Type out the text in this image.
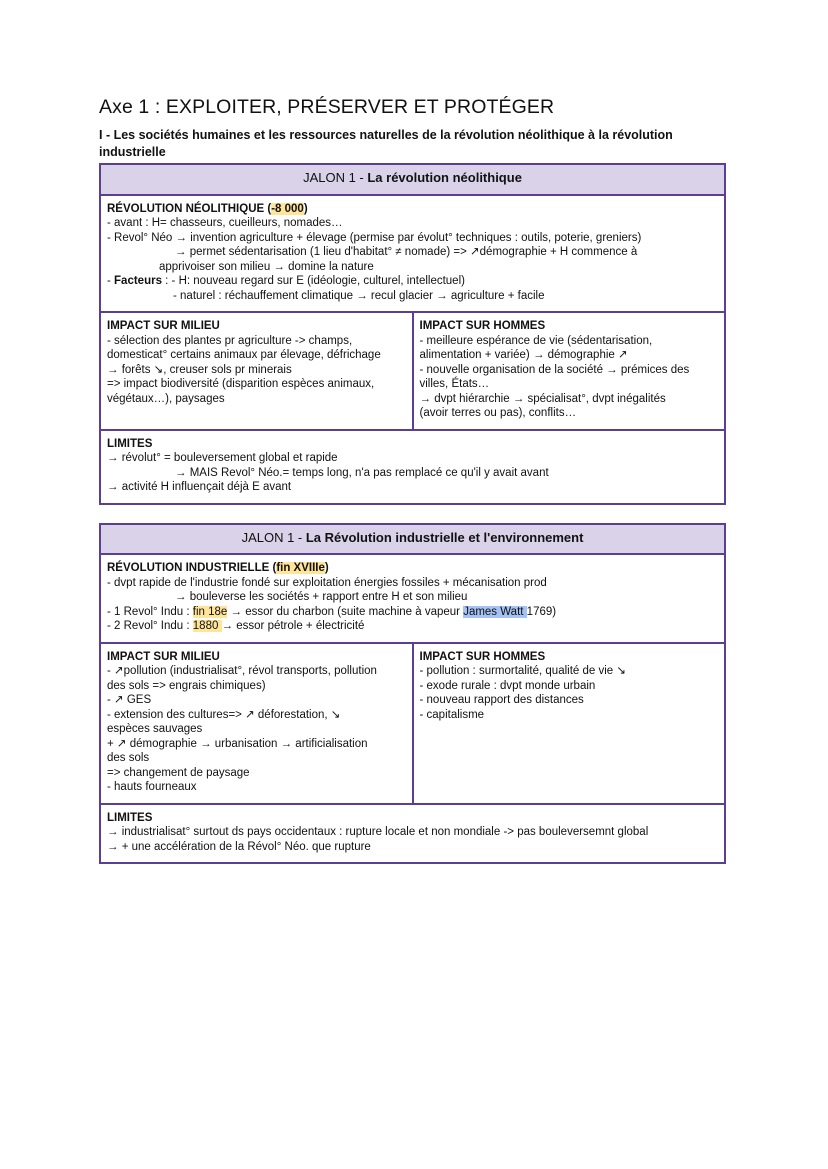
Axe 1 : EXPLOITER, PRÉSERVER ET PROTÉGER
I - Les sociétés humaines et les ressources naturelles de la révolution néolithique à la révolution industrielle
JALON 1 - La révolution néolithique

RÉVOLUTION NÉOLITHIQUE (-8 000)
- avant : H= chasseurs, cueilleurs, nomades…
- Revol° Néo → invention agriculture + élevage (permise par évolut° techniques : outils, poterie, greniers)
→ permet sédentarisation (1 lieu d'habitat° ≠ nomade) => ↗démographie + H commence à
apprivoiser son milieu → domine la nature
- Facteurs : - H: nouveau regard sur E (idéologie, culturel, intellectuel)
- naturel : réchauffement climatique → recul glacier → agriculture + facile

IMPACT SUR MILIEU
- sélection des plantes pr agriculture -> champs,
domesticat° certains animaux par élevage, défrichage
→ forêts ↘, creuser sols pr minerais
=> impact biodiversité (disparition espèces animaux,
végétaux…), paysages

IMPACT SUR HOMMES
- meilleure espérance de vie (sédentarisation,
alimentation + variée) → démographie ↗
- nouvelle organisation de la société → prémices des
villes, États…
→ dvpt hiérarchie → spécialisat°, dvpt inégalités
(avoir terres ou pas), conflits…

LIMITES
→ révolut° = bouleversement global et rapide
→ MAIS Revol° Néo.= temps long, n'a pas remplacé ce qu'il y avait avant
→ activité H influençait déjà E avant
JALON 1 - La Révolution industrielle et l'environnement

RÉVOLUTION INDUSTRIELLE (fin XVIIIe)
- dvpt rapide de l'industrie fondé sur exploitation énergies fossiles + mécanisation prod
→ bouleverse les sociétés + rapport entre H et son milieu
- 1 Revol° Indu : fin 18e → essor du charbon (suite machine à vapeur James Watt 1769)
- 2 Revol° Indu : 1880 → essor pétrole + électricité

IMPACT SUR MILIEU
- ↗pollution (industrialisat°, révol transports, pollution
des sols => engrais chimiques)
- ↗ GES
- extension des cultures=> ↗ déforestation, ↘
espèces sauvages
+ ↗ démographie → urbanisation → artificialisation
des sols
=> changement de paysage
- hauts fourneaux

IMPACT SUR HOMMES
- pollution : surmortalité, qualité de vie ↘
- exode rurale : dvpt monde urbain
- nouveau rapport des distances
- capitalisme

LIMITES
→ industrialisat° surtout ds pays occidentaux : rupture locale et non mondiale -> pas bouleversemnt global
→ + une accélération de la Révol° Néo. que rupture
